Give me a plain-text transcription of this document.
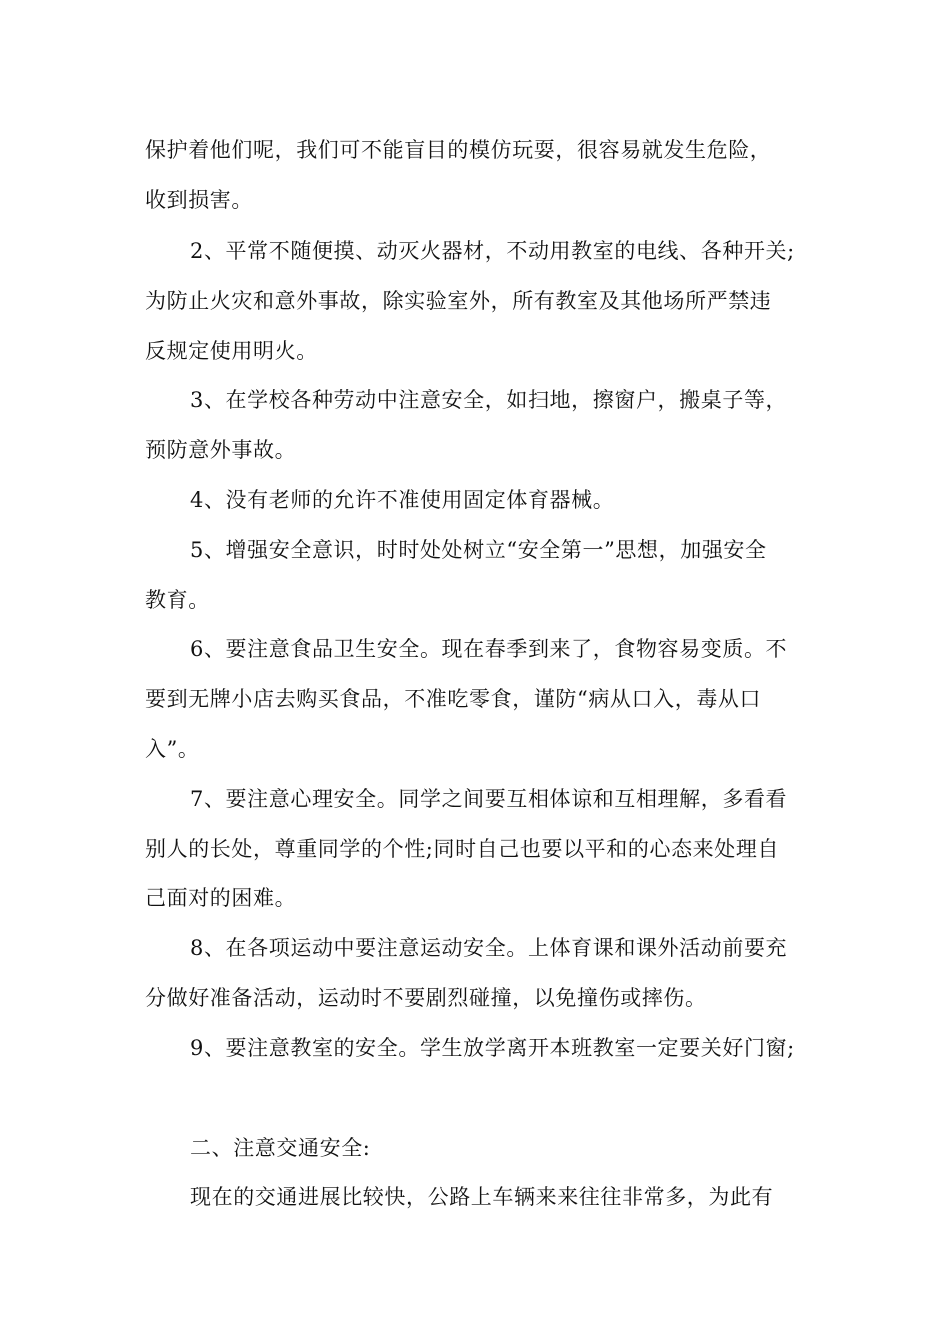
保护着他们呢，我们可不能盲目的模仿玩耍，很容易就发生危险，
收到损害。
2、平常不随便摸、动灭火器材，不动用教室的电线、各种开关;
为防止火灾和意外事故，除实验室外，所有教室及其他场所严禁违
反规定使用明火。
3、在学校各种劳动中注意安全，如扫地，擦窗户，搬桌子等，
预防意外事故。
4、没有老师的允许不准使用固定体育器械。
5、增强安全意识，时时处处树立“安全第一”思想，加强安全
教育。
6、要注意食品卫生安全。现在春季到来了，食物容易变质。不
要到无牌小店去购买食品，不准吃零食，谨防“病从口入，毒从口
入”。
7、要注意心理安全。同学之间要互相体谅和互相理解，多看看
别人的长处，尊重同学的个性;同时自己也要以平和的心态来处理自
己面对的困难。
8、在各项运动中要注意运动安全。上体育课和课外活动前要充
分做好准备活动，运动时不要剧烈碰撞，以免撞伤或摔伤。
9、要注意教室的安全。学生放学离开本班教室一定要关好门窗;
二、注意交通安全:
现在的交通进展比较快，公路上车辆来来往往非常多，为此有
